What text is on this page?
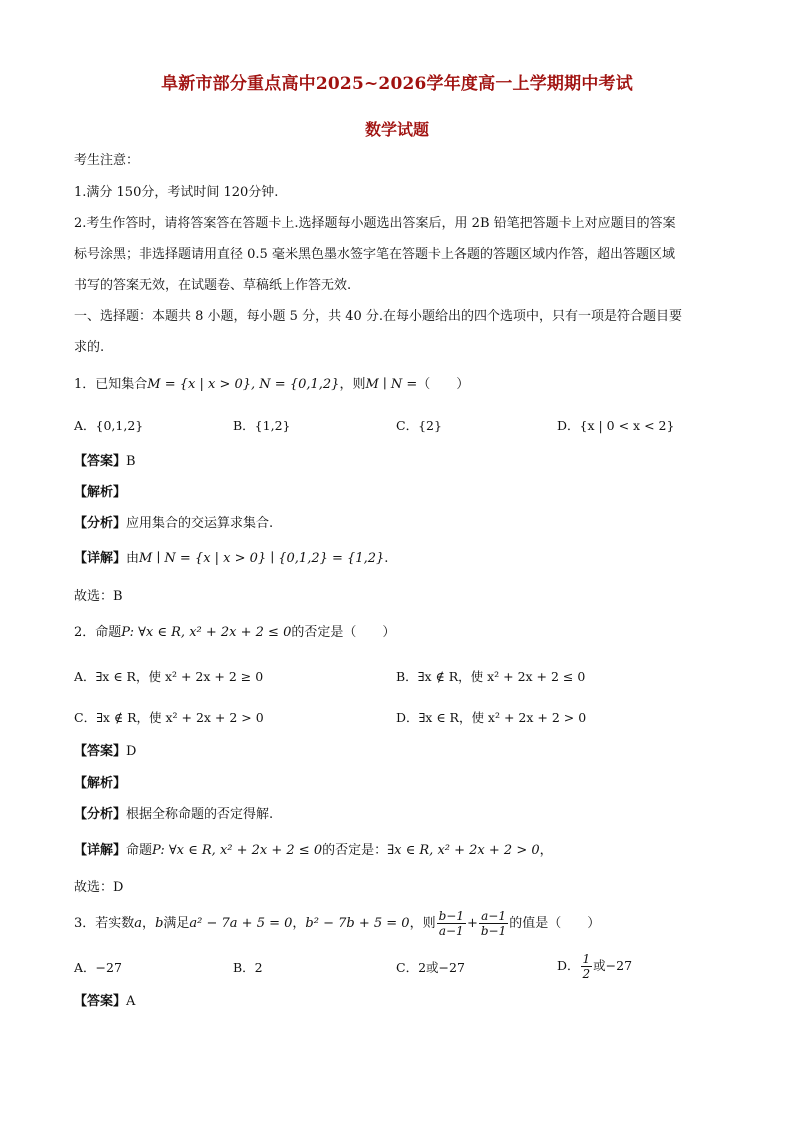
阜新市部分重点高中2025~2026学年度高一上学期期中考试
数学试题
考生注意：
1.满分 150分，考试时间 120分钟.
2.考生作答时，请将答案答在答题卡上.选择题每小题选出答案后，用 2B 铅笔把答题卡上对应题目的答案
标号涂黑；非选择题请用直径 0.5 毫米黑色墨水签字笔在答题卡上各题的答题区域内作答，超出答题区域
书写的答案无效，在试题卷、草稿纸上作答无效.
一、选择题：本题共 8 小题，每小题 5 分，共 40 分.在每小题给出的四个选项中，只有一项是符合题目要
求的.
1．已知集合M = {x | x > 0}, N = {0,1,2}，则M ∣ N =（　　）
A．{0,1,2}	B．{1,2}	C．{2}	D．{x | 0 < x < 2}
【答案】B
【解析】
【分析】应用集合的交运算求集合.
【详解】由M ∣ N = {x | x > 0} ∣ {0,1,2} = {1,2}.
故选：B
2．命题P: ∀x ∈ R, x² + 2x + 2 ≤ 0的否定是（　　）
A．∃x ∈ R，使 x² + 2x + 2 ≥ 0	B．∃x ∉ R，使 x² + 2x + 2 ≤ 0
C．∃x ∉ R，使 x² + 2x + 2 > 0	D．∃x ∈ R，使 x² + 2x + 2 > 0
【答案】D
【解析】
【分析】根据全称命题的否定得解.
【详解】命题P: ∀x ∈ R, x² + 2x + 2 ≤ 0的否定是：∃x ∈ R, x² + 2x + 2 > 0，
故选：D
3．若实数a，b满足a² − 7a + 5 = 0，b² − 7b + 5 = 0，则 $\frac{b-1}{a-1} + \frac{a-1}{b-1}$ 的值是（　　）
A．−27	B．2	C．2或−27	D． $\frac{1}{2}$ 或−27
【答案】A
